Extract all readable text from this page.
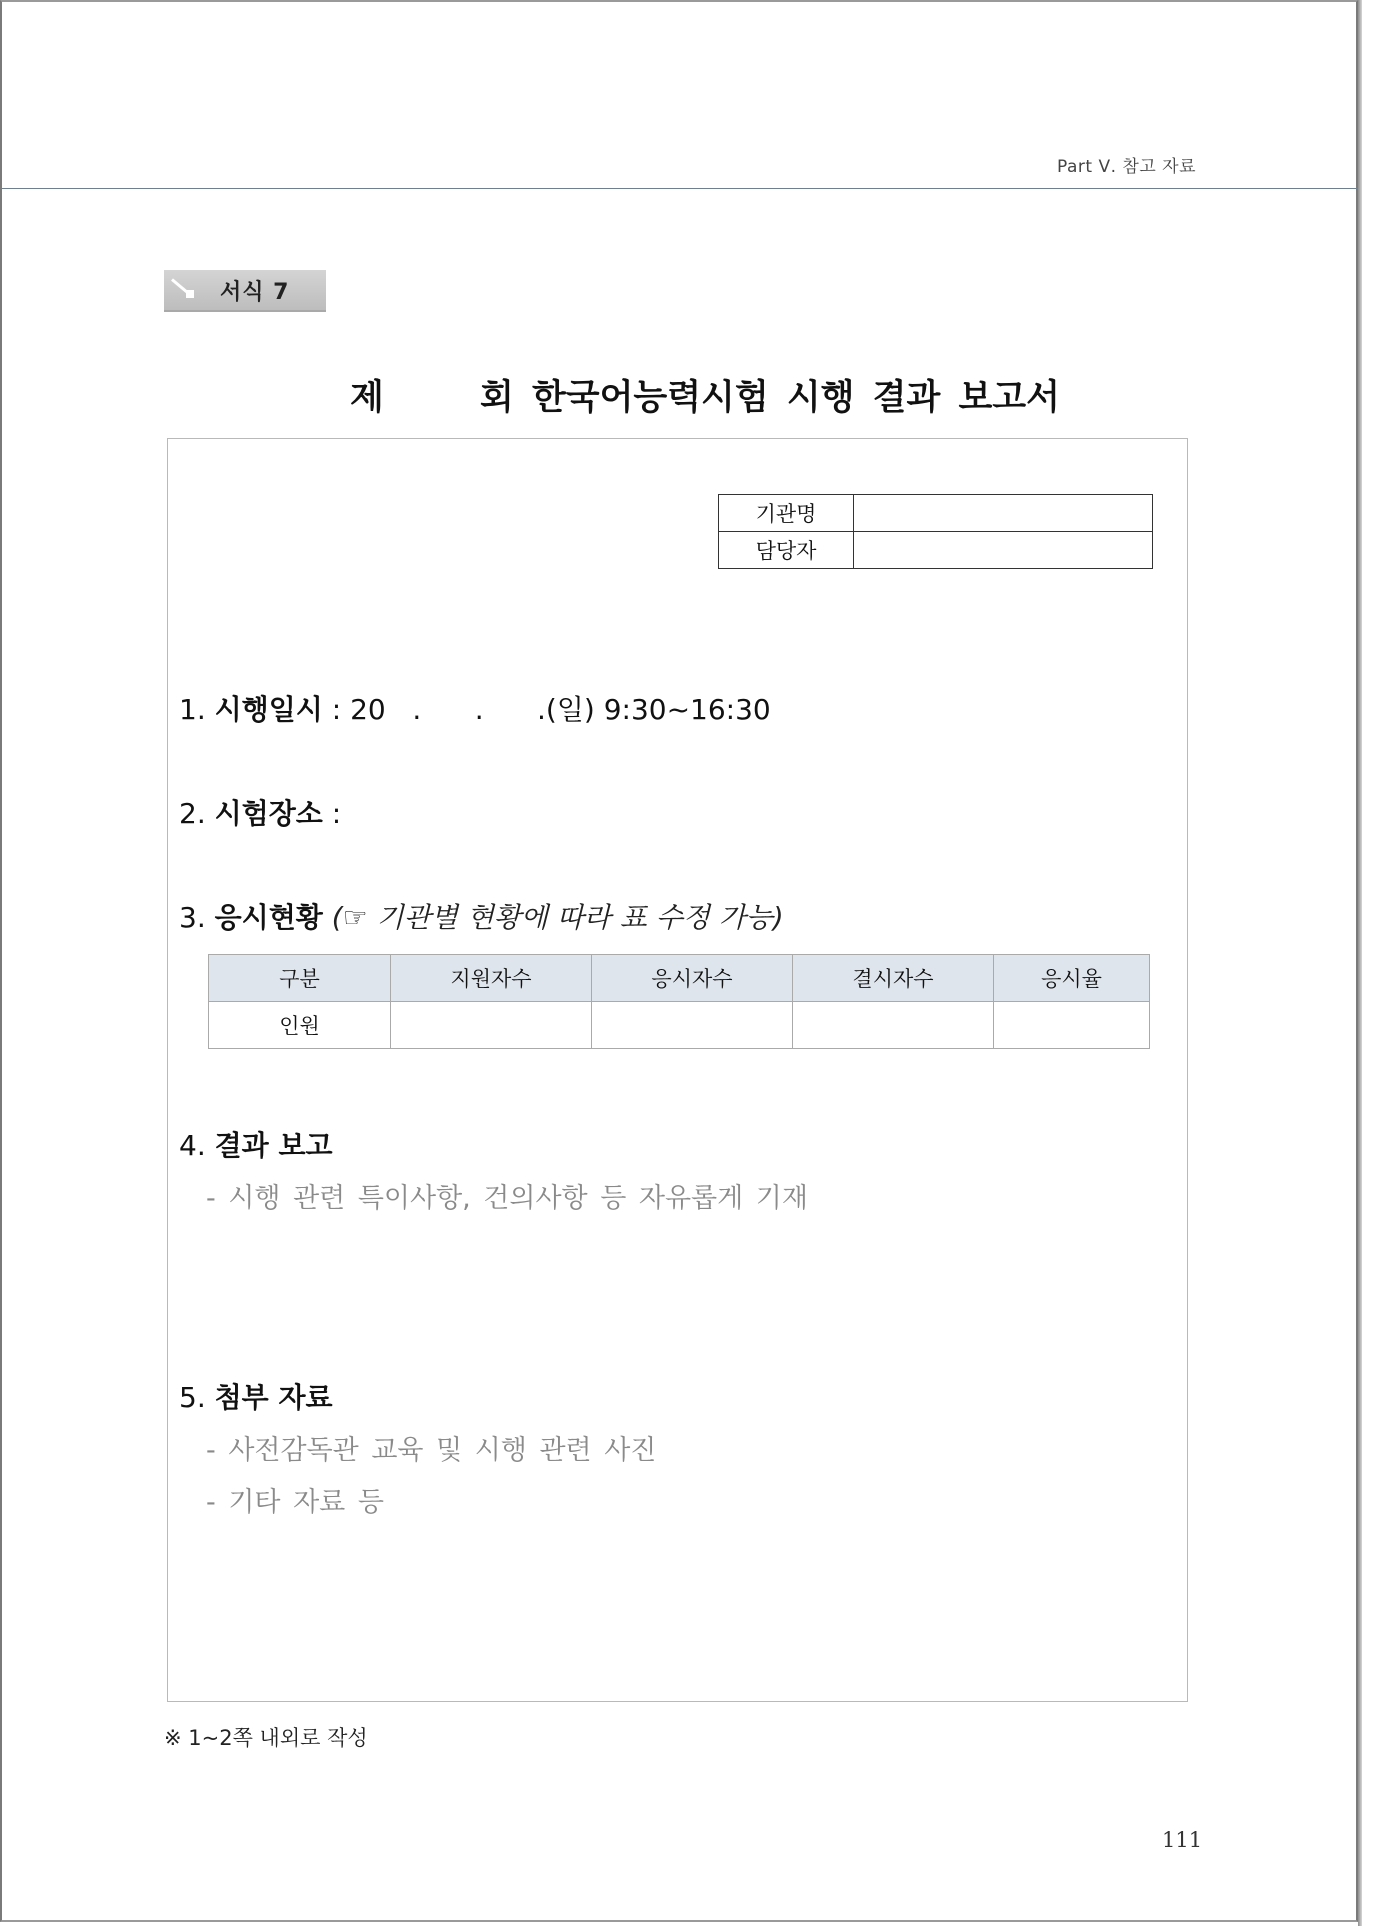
Part Ⅴ. 참고 자료
서식 7
제	회 한국어능력시험 시행 결과 보고서
기관명	
담당자	
1. 시행일시 : 20   .      .      .(일) 9:30~16:30
2. 시험장소 :
3. 응시현황 (☞ 기관별 현황에 따라 표 수정 가능)
구분	지원자수	응시자수	결시자수	응시율
인원				
4. 결과 보고
- 시행 관련 특이사항, 건의사항 등 자유롭게 기재
5. 첨부 자료
- 사전감독관 교육 및 시행 관련 사진
- 기타 자료 등
※ 1~2쪽 내외로 작성
111
